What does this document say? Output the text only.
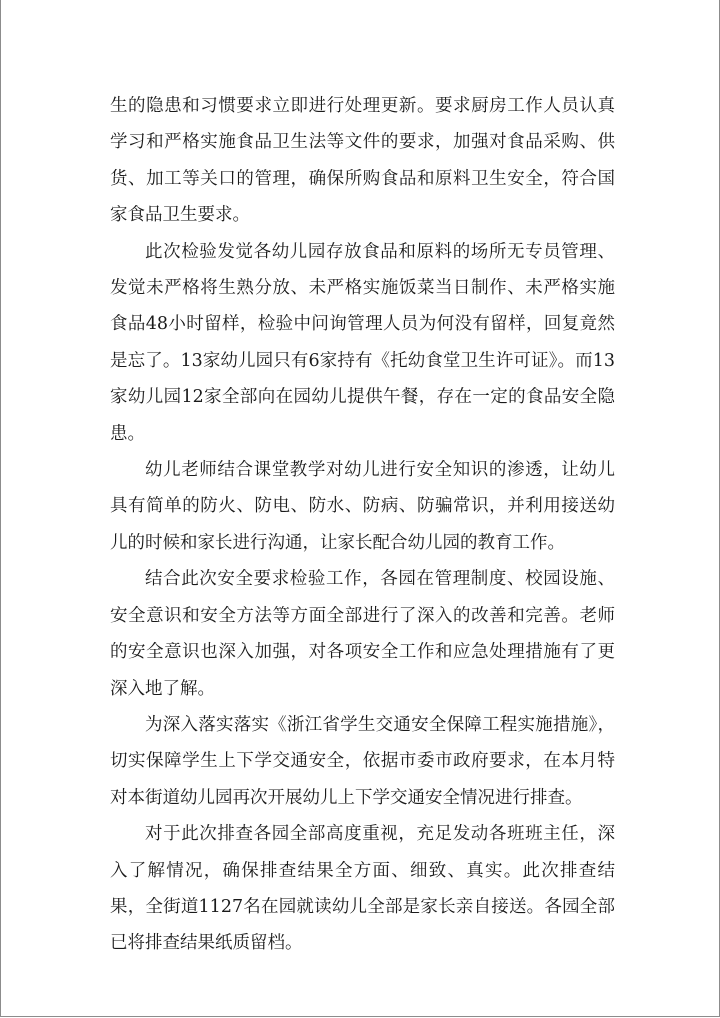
生的隐患和习惯要求立即进行处理更新。要求厨房工作人员认真学习和严格实施食品卫生法等文件的要求，加强对食品采购、供货、加工等关口的管理，确保所购食品和原料卫生安全，符合国家食品卫生要求。

此次检验发觉各幼儿园存放食品和原料的场所无专员管理、发觉未严格将生熟分放、未严格实施饭菜当日制作、未严格实施食品48小时留样，检验中问询管理人员为何没有留样，回复竟然是忘了。13家幼儿园只有6家持有《托幼食堂卫生许可证》。而13家幼儿园12家全部向在园幼儿提供午餐，存在一定的食品安全隐患。

幼儿老师结合课堂教学对幼儿进行安全知识的渗透，让幼儿具有简单的防火、防电、防水、防病、防骗常识，并利用接送幼儿的时候和家长进行沟通，让家长配合幼儿园的教育工作。

结合此次安全要求检验工作，各园在管理制度、校园设施、安全意识和安全方法等方面全部进行了深入的改善和完善。老师的安全意识也深入加强，对各项安全工作和应急处理措施有了更深入地了解。

为深入落实落实《浙江省学生交通安全保障工程实施措施》，切实保障学生上下学交通安全，依据市委市政府要求，在本月特对本街道幼儿园再次开展幼儿上下学交通安全情况进行排查。

对于此次排查各园全部高度重视，充足发动各班班主任，深入了解情况，确保排查结果全方面、细致、真实。此次排查结果，全街道1127名在园就读幼儿全部是家长亲自接送。各园全部已将排查结果纸质留档。
